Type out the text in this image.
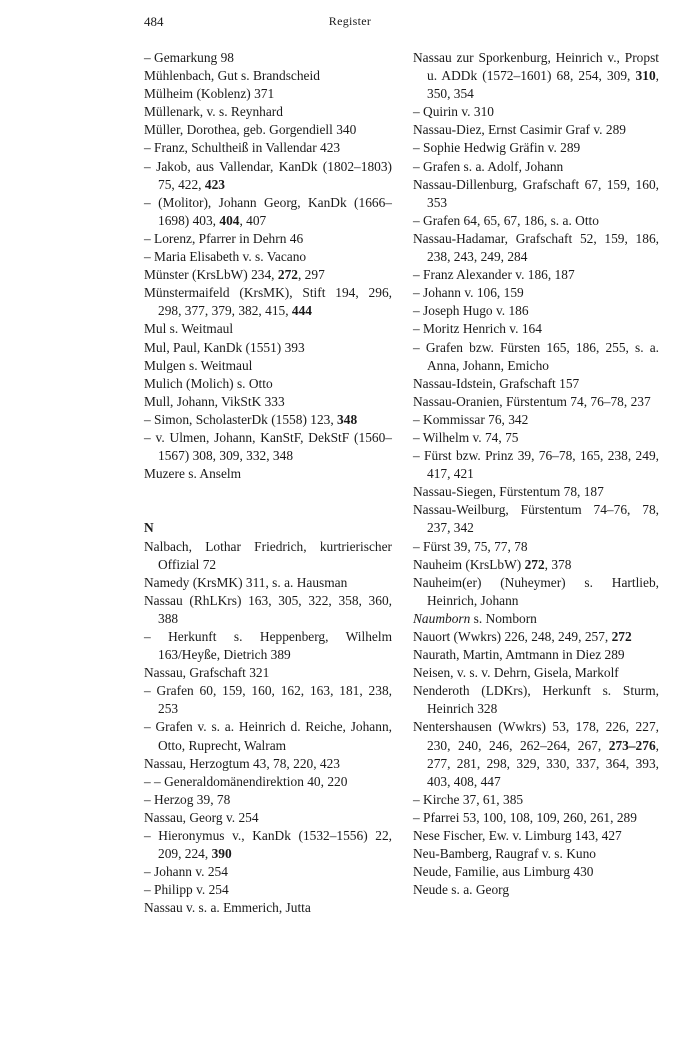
484	Register
– Gemarkung 98
Mühlenbach, Gut s. Brandscheid
Mülheim (Koblenz) 371
Müllenark, v. s. Reynhard
Müller, Dorothea, geb. Gorgendiell 340
– Franz, Schultheiß in Vallendar 423
– Jakob, aus Vallendar, KanDk (1802–1803) 75, 422, 423
– (Molitor), Johann Georg, KanDk (1666–1698) 403, 404, 407
– Lorenz, Pfarrer in Dehrn 46
– Maria Elisabeth v. s. Vacano
Münster (KrsLbW) 234, 272, 297
Münstermaifeld (KrsMK), Stift 194, 296, 298, 377, 379, 382, 415, 444
Mul s. Weitmaul
Mul, Paul, KanDk (1551) 393
Mulgen s. Weitmaul
Mulich (Molich) s. Otto
Mull, Johann, VikStK 333
– Simon, ScholasterDk (1558) 123, 348
– v. Ulmen, Johann, KanStF, DekStF (1560–1567) 308, 309, 332, 348
Muzere s. Anselm
N
Nalbach, Lothar Friedrich, kurtrierischer Offizial 72
Namedy (KrsMK) 311, s. a. Hausman
Nassau (RhLKrs) 163, 305, 322, 358, 360, 388
– Herkunft s. Heppenberg, Wilhelm 163/Heyße, Dietrich 389
Nassau, Grafschaft 321
– Grafen 60, 159, 160, 162, 163, 181, 238, 253
– Grafen v. s. a. Heinrich d. Reiche, Johann, Otto, Ruprecht, Walram
Nassau, Herzogtum 43, 78, 220, 423
– – Generaldomänendirektion 40, 220
– Herzog 39, 78
Nassau, Georg v. 254
– Hieronymus v., KanDk (1532–1556) 22, 209, 224, 390
– Johann v. 254
– Philipp v. 254
Nassau v. s. a. Emmerich, Jutta
Nassau zur Sporkenburg, Heinrich v., Propst u. ADDk (1572–1601) 68, 254, 309, 310, 350, 354
– Quirin v. 310
Nassau-Diez, Ernst Casimir Graf v. 289
– Sophie Hedwig Gräfin v. 289
– Grafen s. a. Adolf, Johann
Nassau-Dillenburg, Grafschaft 67, 159, 160, 353
– Grafen 64, 65, 67, 186, s. a. Otto
Nassau-Hadamar, Grafschaft 52, 159, 186, 238, 243, 249, 284
– Franz Alexander v. 186, 187
– Johann v. 106, 159
– Joseph Hugo v. 186
– Moritz Henrich v. 164
– Grafen bzw. Fürsten 165, 186, 255, s. a. Anna, Johann, Emicho
Nassau-Idstein, Grafschaft 157
Nassau-Oranien, Fürstentum 74, 76–78, 237
– Kommissar 76, 342
– Wilhelm v. 74, 75
– Fürst bzw. Prinz 39, 76–78, 165, 238, 249, 417, 421
Nassau-Siegen, Fürstentum 78, 187
Nassau-Weilburg, Fürstentum 74–76, 78, 237, 342
– Fürst 39, 75, 77, 78
Nauheim (KrsLbW) 272, 378
Nauheim(er) (Nuheymer) s. Hartlieb, Heinrich, Johann
Naumborn s. Nomborn
Nauort (Wwkrs) 226, 248, 249, 257, 272
Naurath, Martin, Amtmann in Diez 289
Neisen, v. s. v. Dehrn, Gisela, Markolf
Nenderoth (LDKrs), Herkunft s. Sturm, Heinrich 328
Nentershausen (Wwkrs) 53, 178, 226, 227, 230, 240, 246, 262–264, 267, 273–276, 277, 281, 298, 329, 330, 337, 364, 393, 403, 408, 447
– Kirche 37, 61, 385
– Pfarrei 53, 100, 108, 109, 260, 261, 289
Nese Fischer, Ew. v. Limburg 143, 427
Neu-Bamberg, Raugraf v. s. Kuno
Neude, Familie, aus Limburg 430
Neude s. a. Georg
